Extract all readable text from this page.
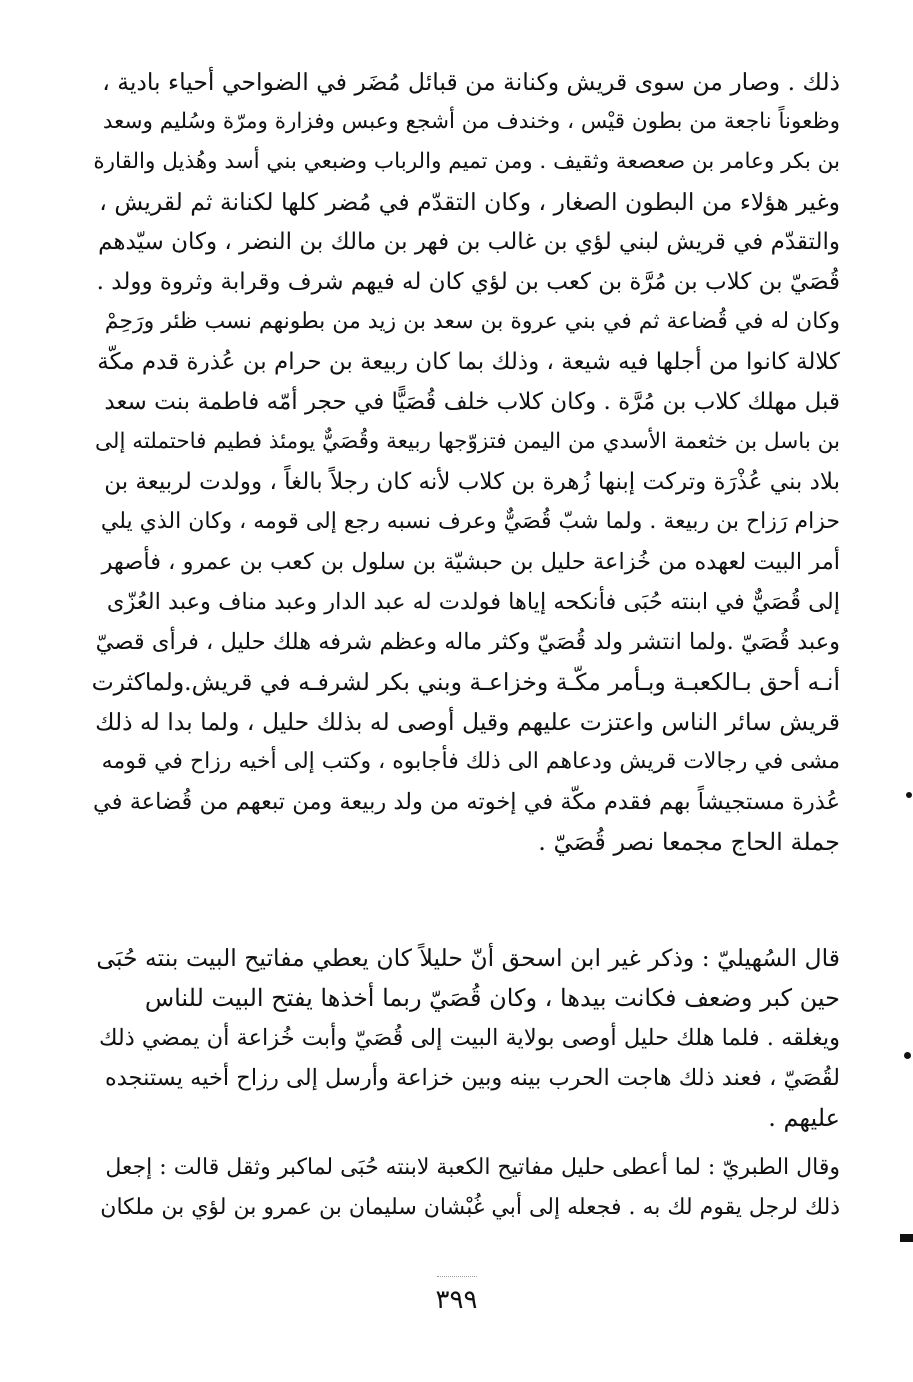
ذلك . وصار من سوى قريش وكنانة من قبائل مُضَر في الضواحي أحياء بادية ،
وظعوناً ناجعة من بطون قيْس ، وخندف من أشجع وعبس وفزارة ومرّة وسُليم وسعد
بن بكر وعامر بن صعصعة وثقيف . ومن تميم والرباب وضبعي بني أسد وهُذيل والقارة
وغير هؤلاء من البطون الصغار ، وكان التقدّم في مُضر كلها لكنانة ثم لقريش ،
والتقدّم في قريش لبني لؤي بن غالب بن فهر بن مالك بن النضر ، وكان سيّدهم
قُصَيّ بن كلاب بن مُرَّة بن كعب بن لؤي كان له فيهم شرف وقرابة وثروة وولد .
وكان له في قُضاعة ثم في بني عروة بن سعد بن زيد من بطونهم نسب ظئر ورَحِمْ
كلالة كانوا من أجلها فيه شيعة ، وذلك بما كان ربيعة بن حرام بن عُذرة قدم مكّة
قبل مهلك كلاب بن مُرَّة . وكان كلاب خلف قُصَيًّا في حجر أمّه فاطمة بنت سعد
بن باسل بن خثعمة الأسدي من اليمن فتزوّجها ربيعة وقُصَيٌّ يومئذ فطيم فاحتملته إلى
بلاد بني عُذْرَة وتركت إبنها زُهرة بن كلاب لأنه كان رجلاً بالغاً ، وولدت لربيعة بن
حزام رَزاح بن ربيعة . ولما شبّ قُصَيٌّ وعرف نسبه رجع إلى قومه ، وكان الذي يلي
أمر البيت لعهده من خُزاعة حليل بن حبشيّة بن سلول بن كعب بن عمرو ، فأصهر
إلى قُصَيٌّ في ابنته حُبَى فأنكحه إياها فولدت له عبد الدار وعبد مناف وعبد العُزّى
وعبد قُصَيّ .ولما انتشر ولد قُصَيّ وكثر ماله وعظم شرفه هلك حليل ، فرأى قصيّ
أنـه أحق بـالكعبـة وبـأمر مكّـة وخزاعـة وبني بكر لشرفـه في قريش.ولماكثرت
قريش سائر الناس واعتزت عليهم وقيل أوصى له بذلك حليل ، ولما بدا له ذلك
مشى في رجالات قريش ودعاهم الى ذلك فأجابوه ، وكتب إلى أخيه رزاح في قومه
عُذرة مستجيشاً بهم فقدم مكّة في إخوته من ولد ربيعة ومن تبعهم من قُضاعة في
جملة الحاج مجمعا نصر قُصَيّ .
قال السُهيليّ : وذكر غير ابن اسحق أنّ حليلاً كان يعطي مفاتيح البيت بنته حُبَى
حين كبر وضعف فكانت بيدها ، وكان قُصَيّ ربما أخذها يفتح البيت للناس
ويغلقه . فلما هلك حليل أوصى بولاية البيت إلى قُصَيّ وأبت خُزاعة أن يمضي ذلك
لقُصَيّ ، فعند ذلك هاجت الحرب بينه وبين خزاعة وأرسل إلى رزاح أخيه يستنجده
عليهم .
وقال الطبريّ : لما أعطى حليل مفاتيح الكعبة لابنته حُبَى لماكبر وثقل قالت : إجعل
ذلك لرجل يقوم لك به . فجعله إلى أبي غُبْشان سليمان بن عمرو بن لؤي بن ملكان
٣٩٩
